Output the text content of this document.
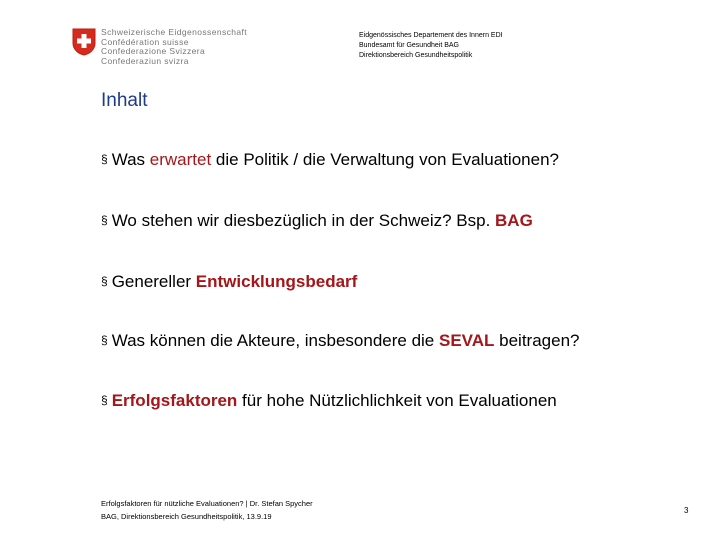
Schweizerische Eidgenossenschaft
Confédération suisse
Confederazione Svizzera
Confederaziun svizra
Eidgenössisches Departement des Innern EDI
Bundesamt für Gesundheit BAG
Direktionsbereich Gesundheitspolitik
Inhalt
§ Was erwartet die Politik / die Verwaltung von Evaluationen?
§ Wo stehen wir diesbezüglich in der Schweiz? Bsp. BAG
§ Genereller Entwicklungsbedarf
§ Was können die Akteure, insbesondere die SEVAL beitragen?
§ Erfolgsfaktoren für hohe Nützlichlichkeit von Evaluationen
Erfolgsfaktoren für nützliche Evaluationen? | Dr. Stefan Spycher
BAG, Direktionsbereich Gesundheitspolitik, 13.9.19
3
